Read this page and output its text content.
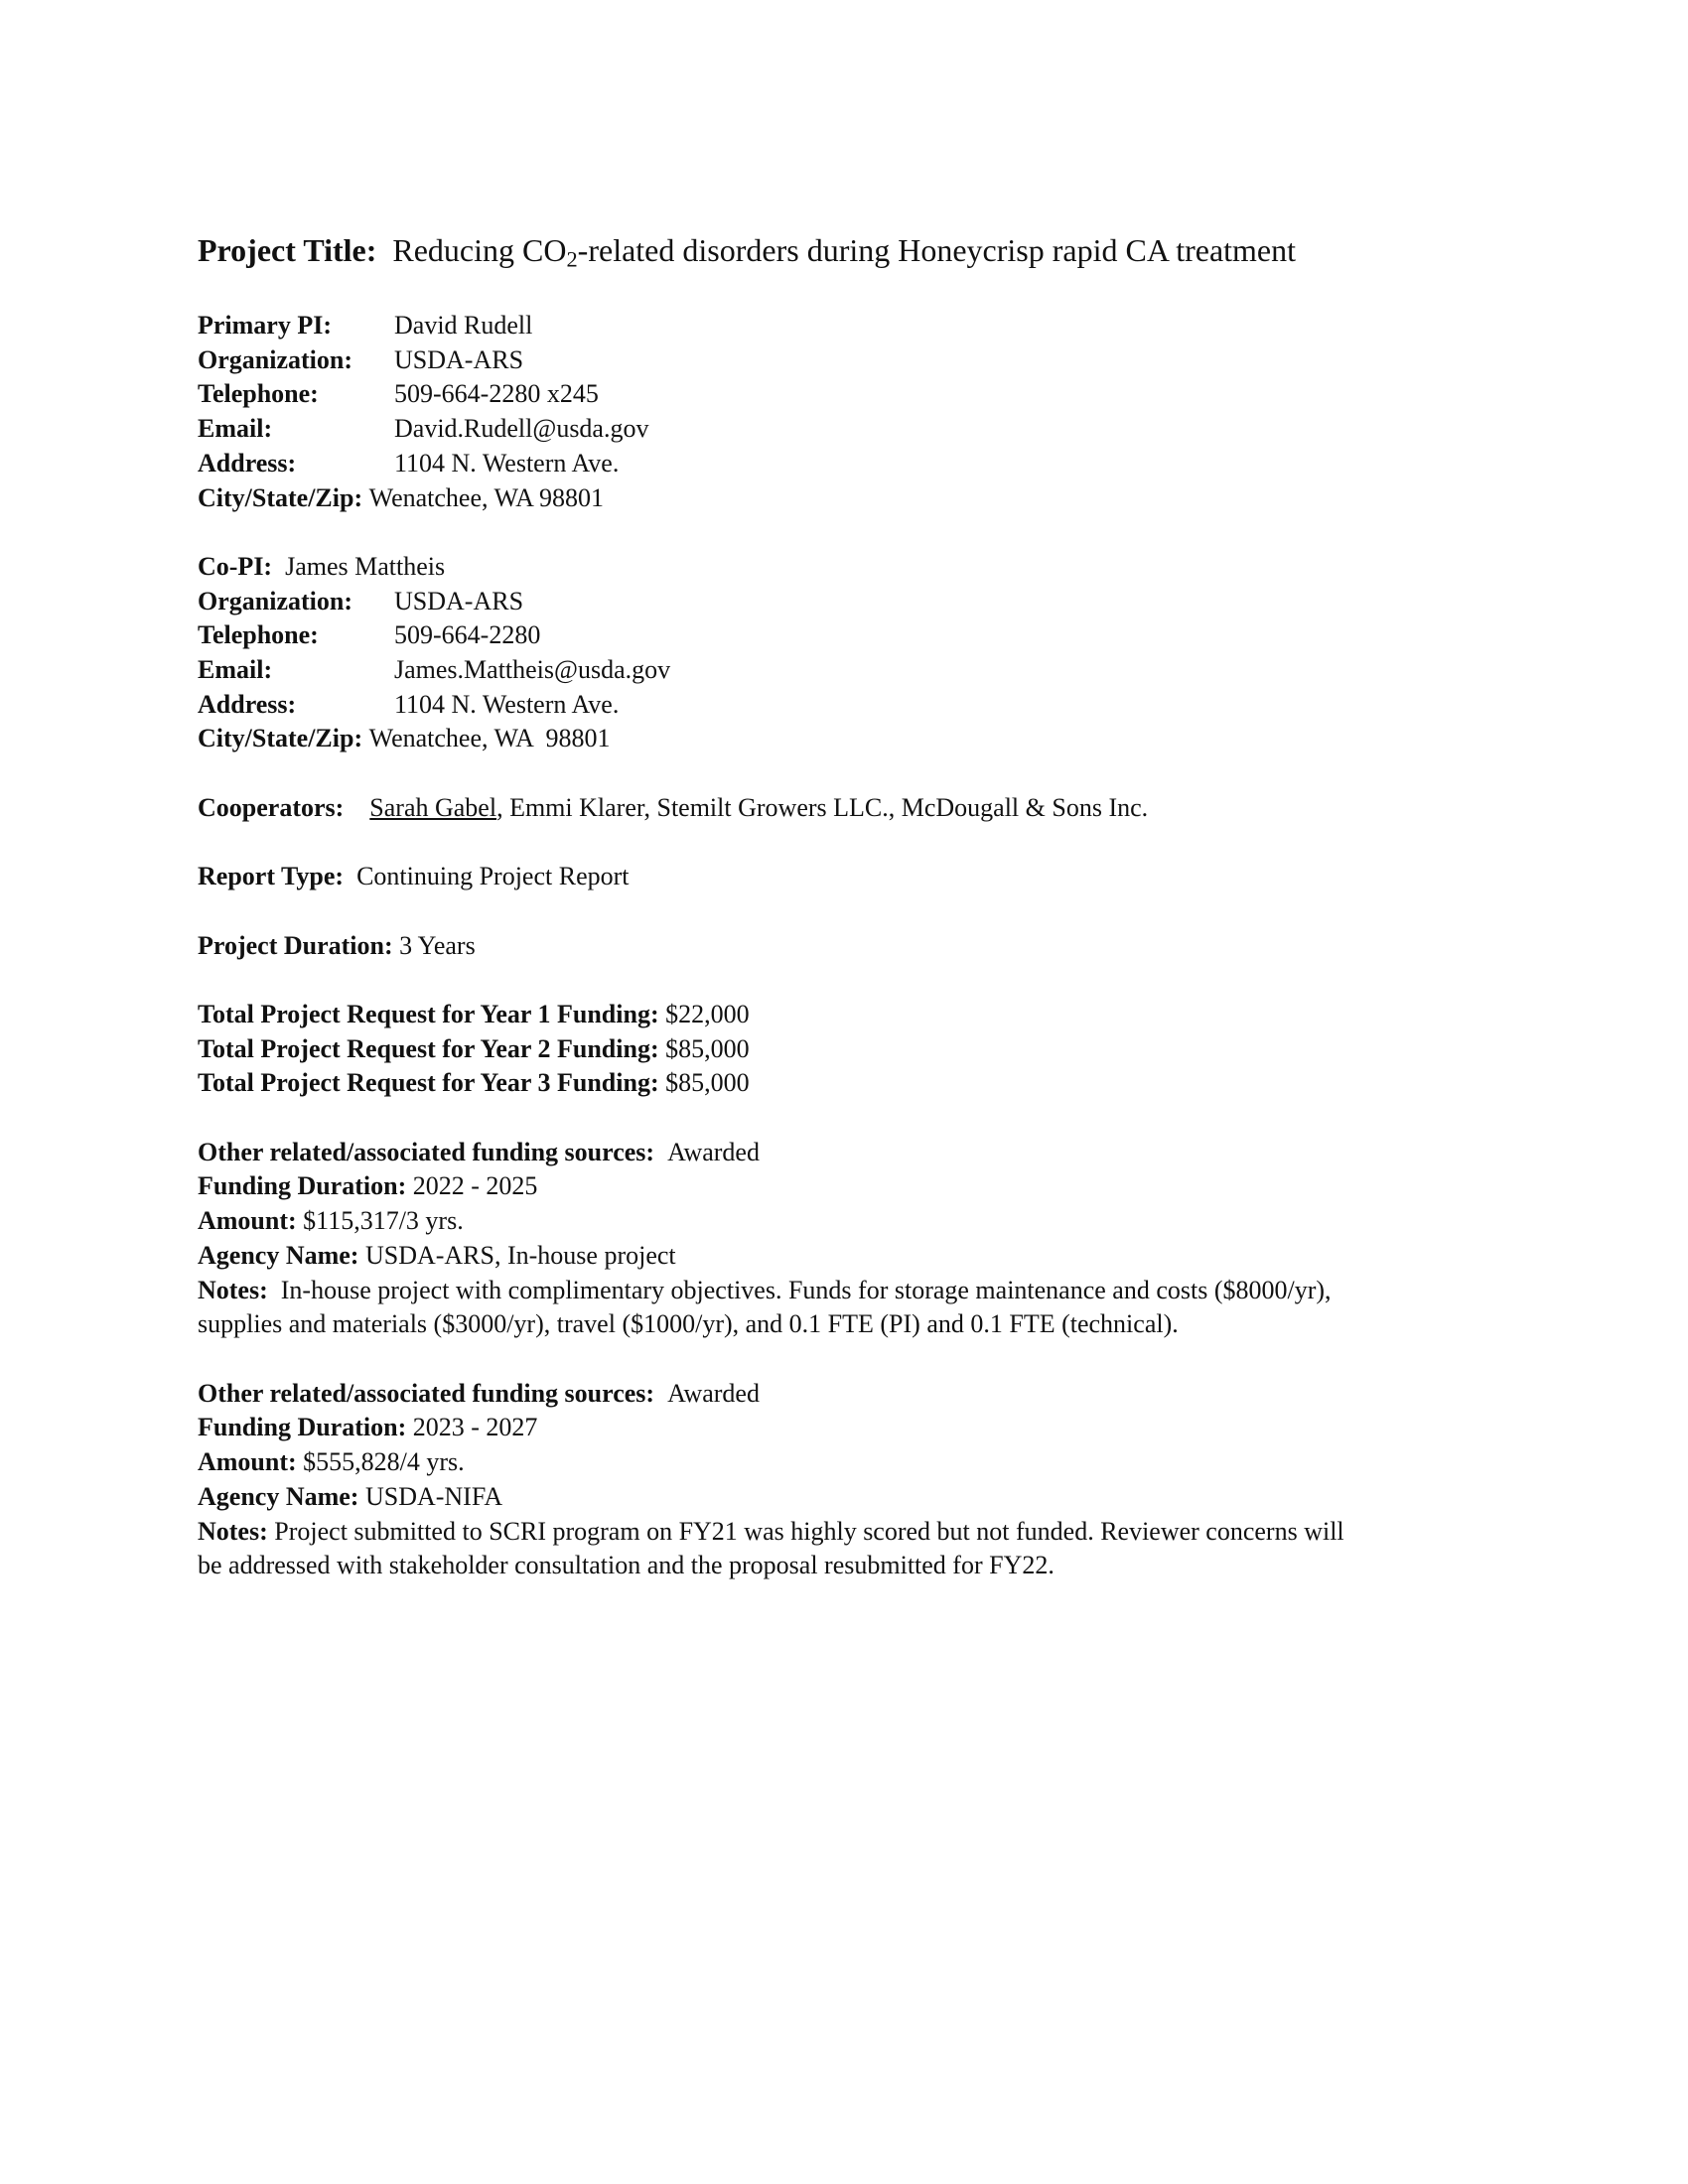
Project Title: Reducing $CO_2$-related disorders during Honeycrisp rapid CA treatment

Primary PI:	David Rudell
Organization:	USDA-ARS
Telephone:	509-664-2280 x245
Email:	David.Rudell@usda.gov
Address:	1104 N. Western Ave.
City/State/Zip:
Wenatchee, WA 98801
Co-PI:
James Mattheis
Organization:	USDA-ARS
Telephone:	509-664-2280
Email:	James.Mattheis@usda.gov
Address:	1104 N. Western Ave.
City/State/Zip:
Wenatchee, WA  98801
Cooperators:
Sarah Gabel , Emmi Klarer, Stemilt Growers LLC., McDougall & Sons Inc.
Report Type:
Continuing Project Report
Project Duration:
3 Years
Total Project Request for Year 1 Funding:
$22,000
Total Project Request for Year 2 Funding:
$85,000
Total Project Request for Year 3 Funding:
$85,000
Other related/associated funding sources:
Awarded
Funding Duration:
2022 - 2025
Amount:
$115,317/3 yrs.
Agency Name:
USDA-ARS, In-house project

Notes: In-house project with complimentary objectives. Funds for storage maintenance and costs ($8000/yr), supplies and materials ($3000/yr), travel ($1000/yr), and 0.1 FTE (PI) and 0.1 FTE (technical).

Other related/associated funding sources:
Awarded
Funding Duration:
2023 - 2027
Amount:
$555,828/4 yrs.
Agency Name:
USDA-NIFA

Notes: Project submitted to SCRI program on FY21 was highly scored but not funded. Reviewer concerns will be addressed with stakeholder consultation and the proposal resubmitted for FY22.
